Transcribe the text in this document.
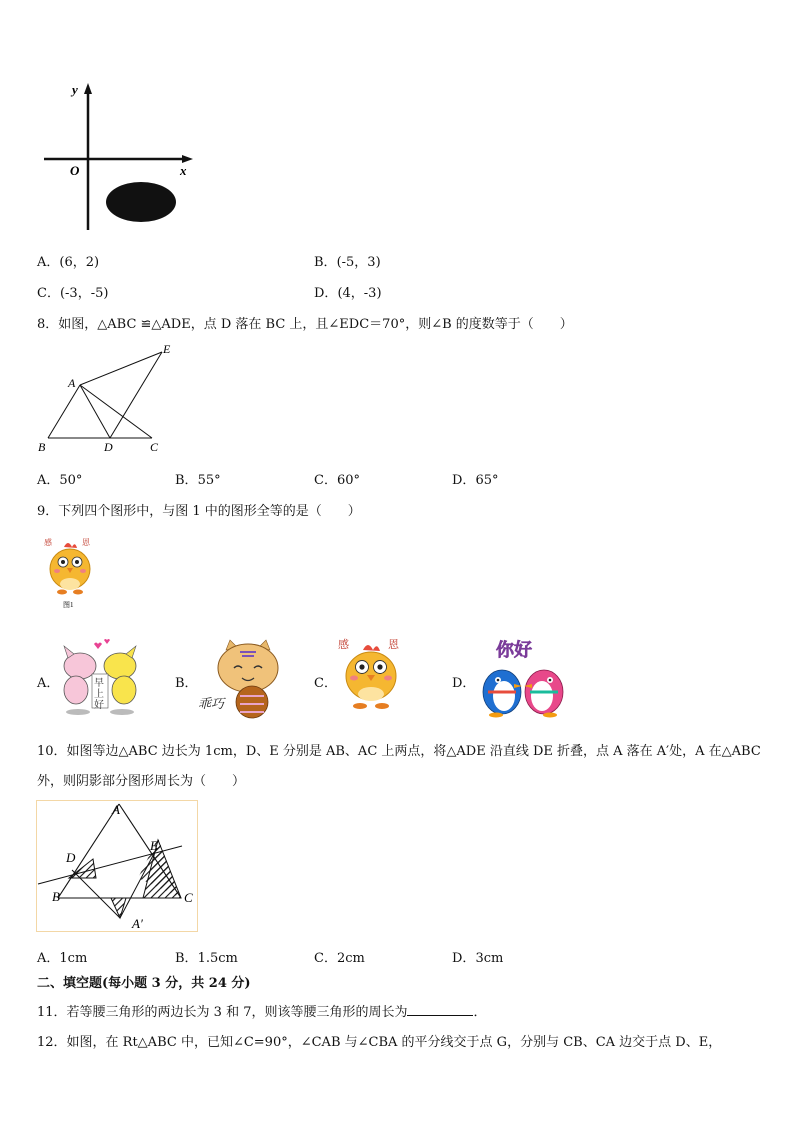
y
x
O
A．(6，2)	B．(-5，3)
C．(-3，-5)	D．(4，-3)
8．如图，△ABC ≌△ADE，点 D 落在 BC 上，且∠EDC＝70°，则∠B 的度数等于（　　）
A
B	D	C
E
A．50°	B．55°	C．60°	D．65°
9．下列四个图形中，与图 1 中的图形全等的是（　　）
感	恩
图1
A．	早
上
好
B．
乖巧
C．
感	恩
D．
你好
10．如图等边△ABC 边长为 1cm，D、E 分别是 AB、AC 上两点，将△ADE 沿直线 DE 折叠，点 A 落在 A′处，A 在△ABC
外，则阴影部分图形周长为（　　）
A
D
E
B	C
A′
A．1cm	B．1.5cm	C．2cm	D．3cm
二、填空题(每小题 3 分，共 24 分)
11．若等腰三角形的两边长为 3 和 7，则该等腰三角形的周长为	．
12．如图，在 Rt△ABC 中，已知∠C=90°，∠CAB 与∠CBA 的平分线交于点 G，分别与 CB、CA 边交于点 D、E，
